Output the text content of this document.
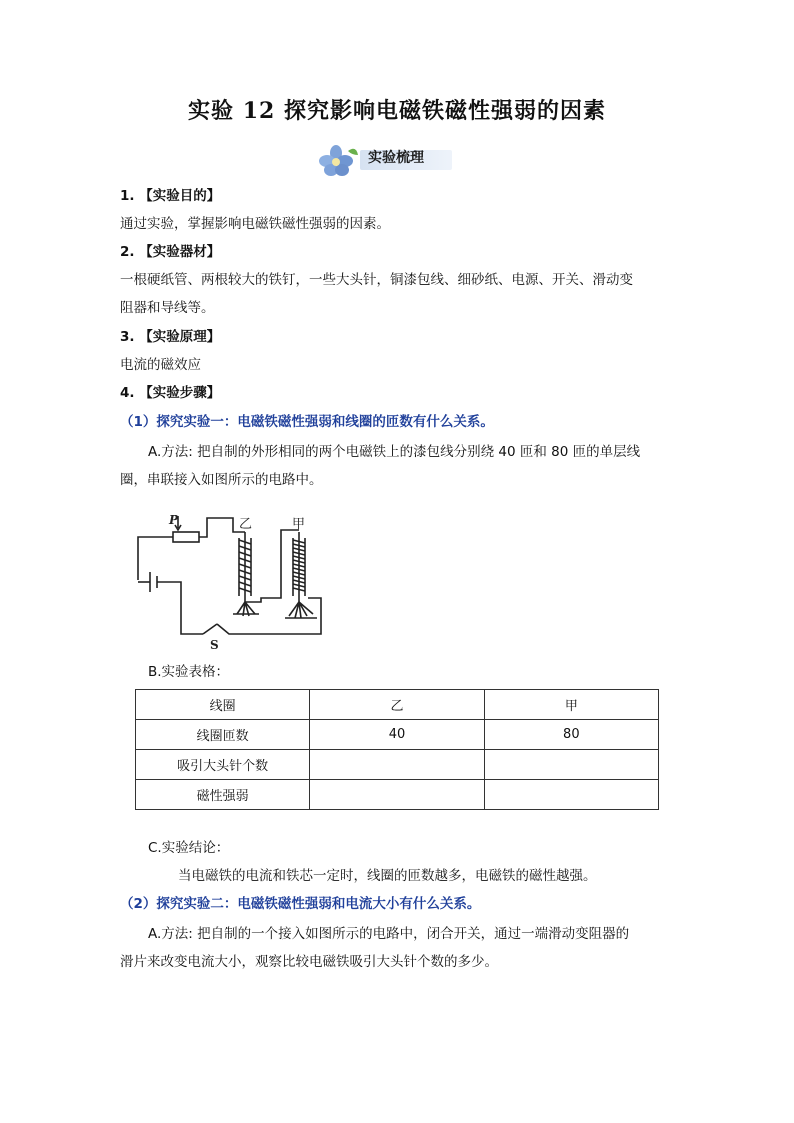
实验 12 探究影响电磁铁磁性强弱的因素
实验梳理
1. 【实验目的】
通过实验，掌握影响电磁铁磁性强弱的因素。
2. 【实验器材】
一根硬纸管、两根较大的铁钉，一些大头针，铜漆包线、细砂纸、电源、开关、滑动变
阻器和导线等。
3. 【实验原理】
电流的磁效应
4. 【实验步骤】
（1）探究实验一：电磁铁磁性强弱和线圈的匝数有什么关系。
A.方法: 把自制的外形相同的两个电磁铁上的漆包线分别绕 40 匝和 80 匝的单层线
圈，串联接入如图所示的电路中。
P
S
乙	甲
B.实验表格：
线圈	乙	甲
线圈匝数	40	80
吸引大头针个数		
磁性强弱		
C.实验结论：
当电磁铁的电流和铁芯一定时，线圈的匝数越多，电磁铁的磁性越强。
（2）探究实验二：电磁铁磁性强弱和电流大小有什么关系。
A.方法: 把自制的一个接入如图所示的电路中，闭合开关，通过一端滑动变阻器的
滑片来改变电流大小，观察比较电磁铁吸引大头针个数的多少。
